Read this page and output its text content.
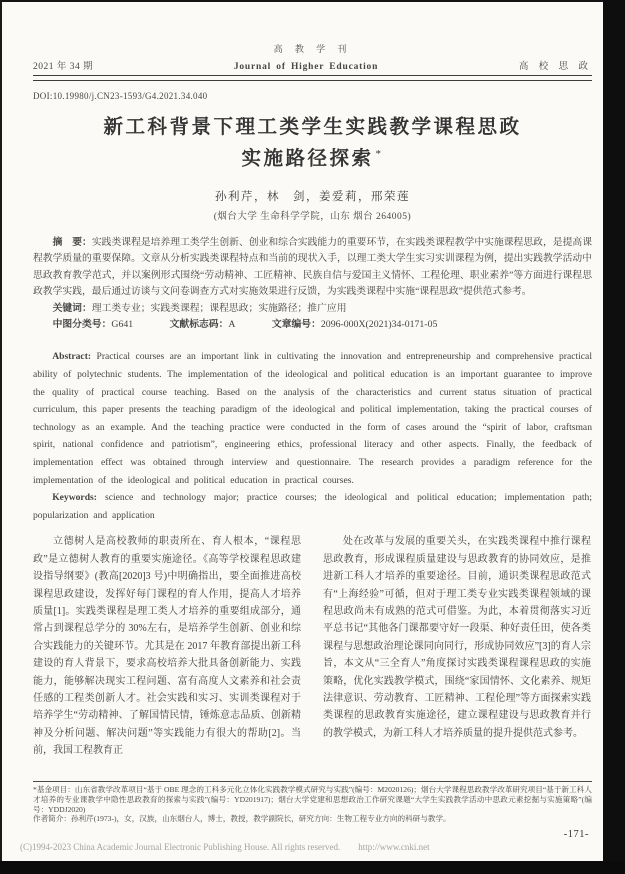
高 教 学 刊
2021 年 34 期	Journal of Higher Education	高 校 思 政
DOI:10.19980/j.CN23-1593/G4.2021.34.040
新工科背景下理工类学生实践教学课程思政
实施路径探索 *
孙利芹，林　剑，姜爱莉，邢荣莲
(烟台大学 生命科学学院，山东 烟台 264005)

摘　要：实践类课程是培养理工类学生创新、创业和综合实践能力的重要环节，在实践类课程教学中实施课程思政，是提高课程教学质量的重要保障。文章从分析实践类课程特点和当前的现状入手，以理工类大学生实习实训课程为例，提出实践教学活动中思政教育教学范式，并以案例形式围绕“劳动精神、工匠精神、民族自信与爱国主义情怀、工程伦理、职业素养”等方面进行课程思政教学实践，最后通过访谈与文问卷调查方式对实施效果进行反馈，为实践类课程中实施“课程思政”提供范式参考。

关键词：理工类专业；实践类课程；课程思政；实施路径；推广应用

中图分类号：G641	文献标志码：A	文章编号：2096-000X(2021)34-0171-05

Abstract: Practical courses are an important link in cultivating the innovation and entrepreneurship and comprehensive practical ability of polytechnic students. The implementation of the ideological and political education is an important guarantee to improve the quality of practical course teaching. Based on the analysis of the characteristics and current status situation of practical curriculum, this paper presents the teaching paradigm of the ideological and political implementation, taking the practical courses of technology as an example. And the teaching practice were conducted in the form of cases around the “spirit of labor, craftsman spirit, national confidence and patriotism”, engineering ethics, professional literacy and other aspects. Finally, the feedback of implementation effect was obtained through interview and questionnaire. The research provides a paradigm reference for the implementation of the ideological and political education in practical courses.

Keywords: science and technology major; practice courses; the ideological and political education; implementation path; popularization and application

立德树人是高校教师的职责所在、育人根本，“课程思政”是立德树人教育的重要实施途径。《高等学校课程思政建设指导纲要》(教高[2020]3 号)中明确指出，要全面推进高校课程思政建设，发挥好每门课程的育人作用，提高人才培养质量[1]。实践类课程是理工类人才培养的重要组成部分，通常占到课程总学分的 30%左右，是培养学生创新、创业和综合实践能力的关键环节。尤其是在 2017 年教育部提出新工科建设的育人背景下，要求高校培养大批具备创新能力、实践能力，能够解决现实工程问题、富有高度人文素养和社会责任感的工程类创新人才。社会实践和实习、实训类课程对于培养学生“劳动精神、了解国情民情，锤炼意志品质、创新精神及分析问题、解决问题”等实践能力有很大的帮助[2]。当前，我国工程教育正

处在改革与发展的重要关头，在实践类课程中推行课程思政教育，形成课程质量建设与思政教育的协同效应，是推进新工科人才培养的重要途径。目前，通识类课程思政范式有“上海经验”可循，但对于理工类专业实践类课程领域的课程思政尚未有成熟的范式可借鉴。为此，本着贯彻落实习近平总书记“其他各门课都要守好一段渠、种好责任田，使各类课程与思想政治理论课同向同行，形成协同效应”[3]的育人宗旨，本文从“三全育人”角度探讨实践类课程课程思政的实施策略，优化实践教学模式，围绕“家国情怀、文化素养、规矩法律意识、劳动教育、工匠精神、工程伦理”等方面探索实践类课程的思政教育实施途径，建立课程建设与思政教育并行的教学模式，为新工科人才培养质量的提升提供范式参考。

*基金项目：山东省教学改革项目“基于 OBE 理念的工科多元化立体化实践教学模式研究与实践”(编号：M2020126)；烟台大学课程思政教学改革研究项目“基于新工科人才培养的专业课教学中隐性思政教育的探索与实践”(编号：YD201917)；烟台大学党建和思想政治工作研究课题“大学生实践教学活动中思政元素挖掘与实施策略”(编号：YDDJ2020)

作者简介：孙利芹(1973-)，女，汉族，山东烟台人，博士，教授，教学副院长，研究方向：生物工程专业方向的科研与教学。

-171-
(C)1994-2023 China Academic Journal Electronic Publishing House. All rights reserved. http://www.cnki.net
